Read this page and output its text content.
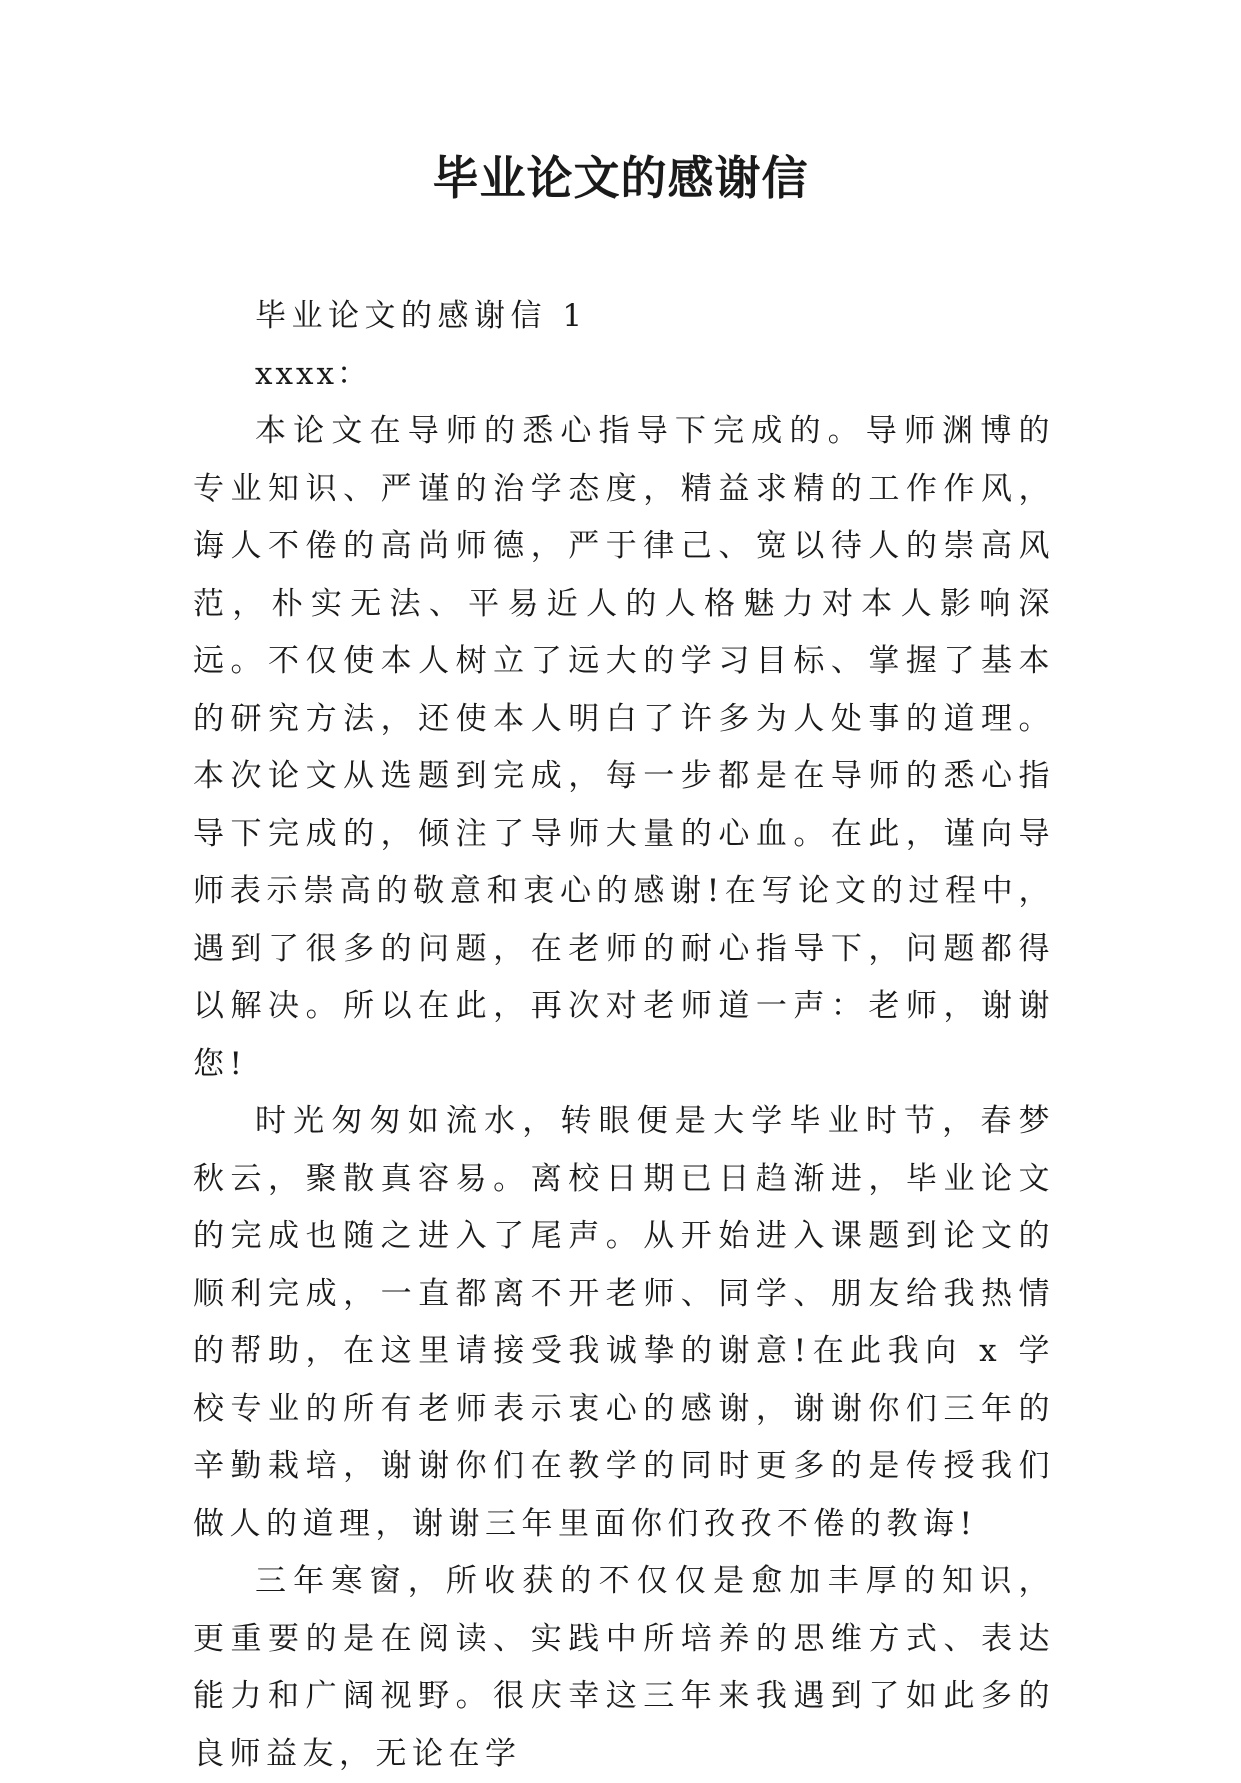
毕业论文的感谢信

毕业论文的感谢信 1

xxxx：

本论文在导师的悉心指导下完成的。导师渊博的专业知识、严谨的治学态度，精益求精的工作作风，诲人不倦的高尚师德，严于律己、宽以待人的崇高风范，朴实无法、平易近人的人格魅力对本人影响深远。不仅使本人树立了远大的学习目标、掌握了基本的研究方法，还使本人明白了许多为人处事的道理。本次论文从选题到完成，每一步都是在导师的悉心指导下完成的，倾注了导师大量的心血。在此，谨向导师表示崇高的敬意和衷心的感谢!在写论文的过程中，遇到了很多的问题，在老师的耐心指导下，问题都得以解决。所以在此，再次对老师道一声：老师，谢谢您!

时光匆匆如流水，转眼便是大学毕业时节，春梦秋云，聚散真容易。离校日期已日趋渐进，毕业论文的完成也随之进入了尾声。从开始进入课题到论文的顺利完成，一直都离不开老师、同学、朋友给我热情的帮助，在这里请接受我诚挚的谢意!在此我向 x 学校专业的所有老师表示衷心的感谢，谢谢你们三年的辛勤栽培，谢谢你们在教学的同时更多的是传授我们做人的道理，谢谢三年里面你们孜孜不倦的教诲!

三年寒窗，所收获的不仅仅是愈加丰厚的知识，更重要的是在阅读、实践中所培养的思维方式、表达能力和广阔视野。很庆幸这三年来我遇到了如此多的良师益友，无论在学
